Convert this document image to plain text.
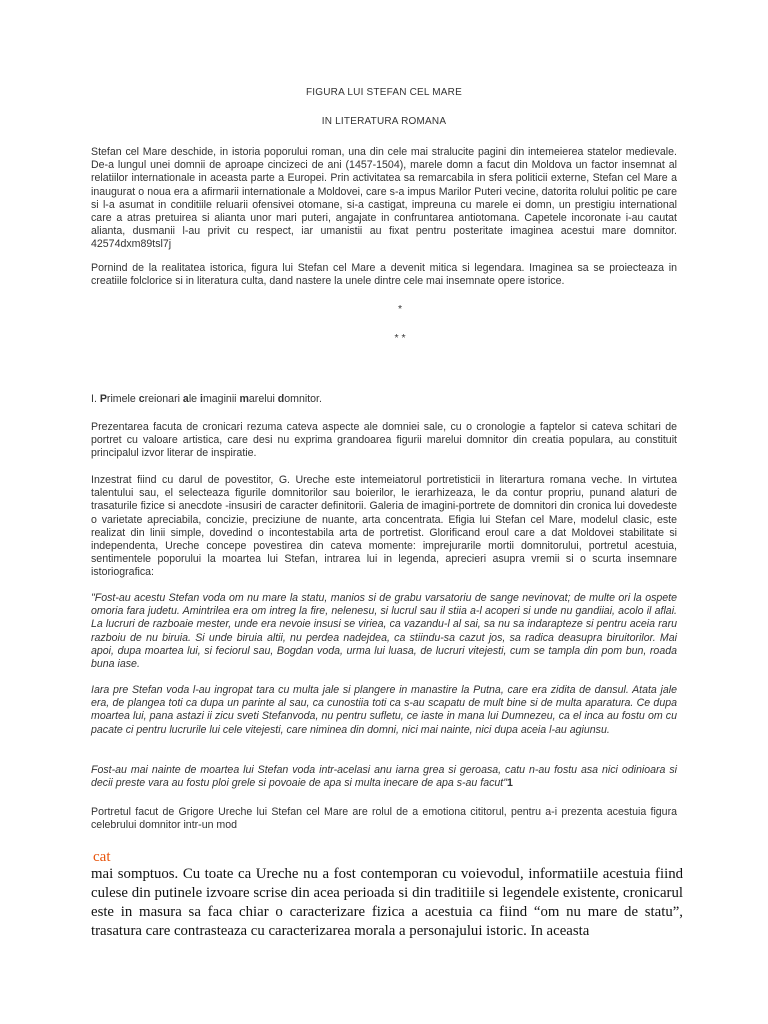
FIGURA LUI STEFAN CEL MARE
IN LITERATURA ROMANA

Stefan cel Mare deschide, in istoria poporului roman, una din cele mai stralucite pagini din intemeierea statelor medievale. De-a lungul unei domnii de aproape cincizeci de ani (1457-1504), marele domn a facut din Moldova un factor insemnat al relatiilor internationale in aceasta parte a Europei. Prin activitatea sa remarcabila in sfera politicii externe, Stefan cel Mare a inaugurat o noua era a afirmarii internationale a Moldovei, care s-a impus Marilor Puteri vecine, datorita rolului politic pe care si l-a asumat in conditiile reluarii ofensivei otomane, si-a castigat, impreuna cu marele ei domn, un prestigiu international care a atras pretuirea si alianta unor mari puteri, angajate in confruntarea antiotomana. Capetele incoronate i-au cautat alianta, dusmanii l-au privit cu respect, iar umanistii au fixat pentru posteritate imaginea acestui mare domnitor. 42574dxm89tsl7j

Pornind de la realitatea istorica, figura lui Stefan cel Mare a devenit mitica si legendara. Imaginea sa se proiecteaza in creatiile folclorice si in literatura culta, dand nastere la unele dintre cele mai insemnate opere istorice.

*
* *
I. Primele creionari ale imaginii marelui domnitor.

Prezentarea facuta de cronicari rezuma cateva aspecte ale domniei sale, cu o cronologie a faptelor si cateva schitari de portret cu valoare artistica, care desi nu exprima grandoarea figurii marelui domnitor din creatia populara, au constituit principalul izvor literar de inspiratie.

Inzestrat fiind cu darul de povestitor, G. Ureche este intemeiatorul portretisticii in literartura romana veche. In virtutea talentului sau, el selecteaza figurile domnitorilor sau boierilor, le ierarhizeaza, le da contur propriu, punand alaturi de trasaturile fizice si anecdote -insusiri de caracter definitorii. Galeria de imagini-portrete de domnitori din cronica lui dovedeste o varietate apreciabila, concizie, preciziune de nuante, arta concentrata. Efigia lui Stefan cel Mare, modelul clasic, este realizat din linii simple, dovedind o incontestabila arta de portretist. Glorificand eroul care a dat Moldovei stabilitate si independenta, Ureche concepe povestirea din cateva momente: imprejurarile mortii domnitorului, portretul acestuia, sentimentele poporului la moartea lui Stefan, intrarea lui in legenda, aprecieri asupra vremii si o scurta insemnare istoriografica:

"Fost-au acestu Stefan voda om nu mare la statu, manios si de grabu varsatoriu de sange nevinovat; de multe ori la ospete omoria fara judetu. Amintrilea era om intreg la fire, nelenesu, si lucrul sau il stiia a-l acoperi si unde nu gandiiai, acolo il aflai. La lucruri de razboaie mester, unde era nevoie insusi se viriea, ca vazandu-l al sai, sa nu sa indarapteze si pentru aceia raru razboiu de nu biruia. Si unde biruia altii, nu perdea nadejdea, ca stiindu-sa cazut jos, sa radica deasupra biruitorilor. Mai apoi, dupa moartea lui, si feciorul sau, Bogdan voda, urma lui luasa, de lucruri vitejesti, cum se tampla din pom bun, roada buna iase.

Iara pre Stefan voda l-au ingropat tara cu multa jale si plangere in manastire la Putna, care era zidita de dansul. Atata jale era, de plangea toti ca dupa un parinte al sau, ca cunostiia toti ca s-au scapatu de mult bine si de multa aparatura. Ce dupa moartea lui, pana astazi ii zicu sveti Stefanvoda, nu pentru sufletu, ce iaste in mana lui Dumnezeu, ca el inca au fostu om cu pacate ci pentru lucrurile lui cele vitejesti, care niminea din domni, nici mai nainte, nici dupa aceia l-au agiunsu.

Fost-au mai nainte de moartea lui Stefan voda intr-acelasi anu iarna grea si geroasa, catu n-au fostu asa nici odinioara si decii preste vara au fostu ploi grele si povoaie de apa si multa inecare de apa s-au facut"1

Portretul facut de Grigore Ureche lui Stefan cel Mare are rolul de a emotiona cititorul, pentru a-i prezenta acestuia figura celebrului domnitor intr-un mod

cat

mai somptuos. Cu toate ca Ureche nu a fost contemporan cu voievodul, informatiile acestuia fiind culese din putinele izvoare scrise din acea perioada si din traditiile si legendele existente, cronicarul este in masura sa faca chiar o caracterizare fizica a acestuia ca fiind “om nu mare de statu”, trasatura care contrasteaza cu caracterizarea morala a personajului istoric. In aceasta
